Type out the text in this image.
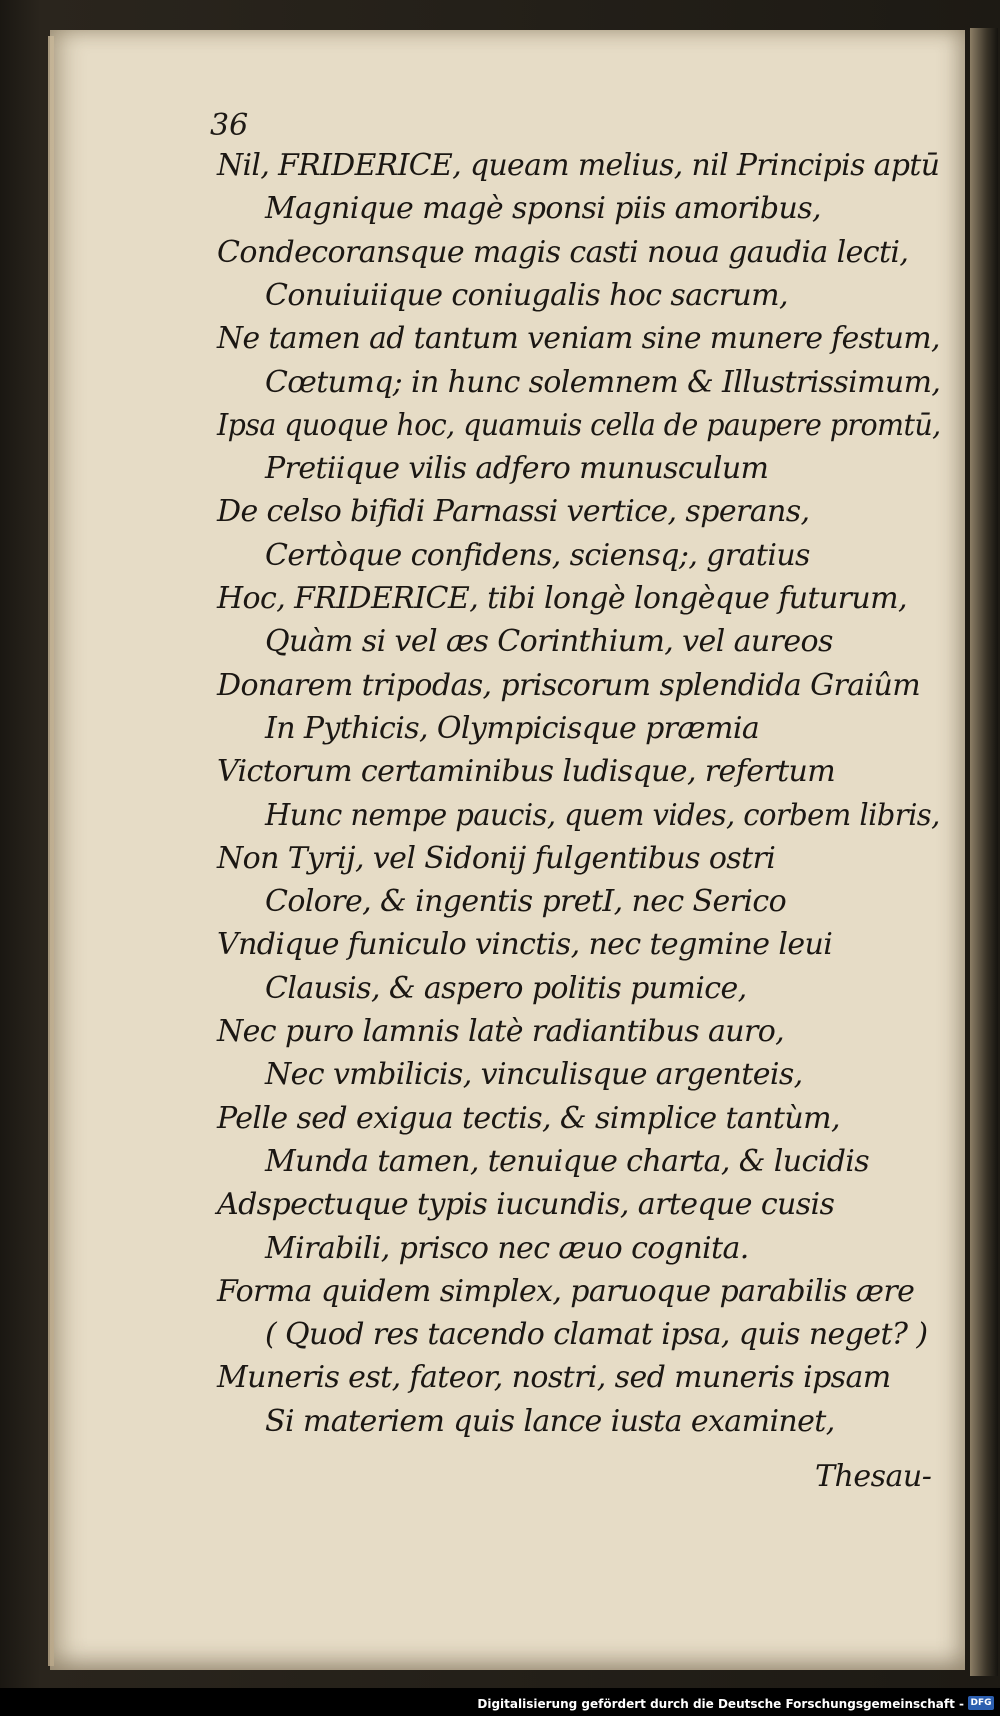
36
Nil, FRIDERICE, queam melius, nil Principis aptū
Magnique magè sponsi piis amoribus,
Condecoransque magis casti noua gaudia lecti,
Conuiuiique coniugalis hoc sacrum,
Ne tamen ad tantum veniam sine munere festum,
Cœtumq; in hunc solemnem & Illustrissimum,
Ipsa quoque hoc, quamuis cella de paupere promtū,
Pretiique vilis adfero munusculum
De celso bifidi Parnassi vertice, sperans,
Certòque confidens, sciensq;, gratius
Hoc, FRIDERICE, tibi longè longèque futurum,
Quàm si vel æs Corinthium, vel aureos
Donarem tripodas, priscorum splendida Graiûm
In Pythicis, Olympicisque præmia
Victorum certaminibus ludisque, refertum
Hunc nempe paucis, quem vides, corbem libris,
Non Tyrij, vel Sidonij fulgentibus ostri
Colore, & ingentis pretI, nec Serico
Vndique funiculo vinctis, nec tegmine leui
Clausis, & aspero politis pumice,
Nec puro lamnis latè radiantibus auro,
Nec vmbilicis, vinculisque argenteis,
Pelle sed exigua tectis, & simplice tantùm,
Munda tamen, tenuique charta, & lucidis
Adspectuque typis iucundis, arteque cusis
Mirabili, prisco nec æuo cognita.
Forma quidem simplex, paruoque parabilis ære
( Quod res tacendo clamat ipsa, quis neget? )
Muneris est, fateor, nostri, sed muneris ipsam
Si materiem quis lance iusta examinet,
Thesau-
Digitalisierung gefördert durch die Deutsche Forschungsgemeinschaft - DFG
